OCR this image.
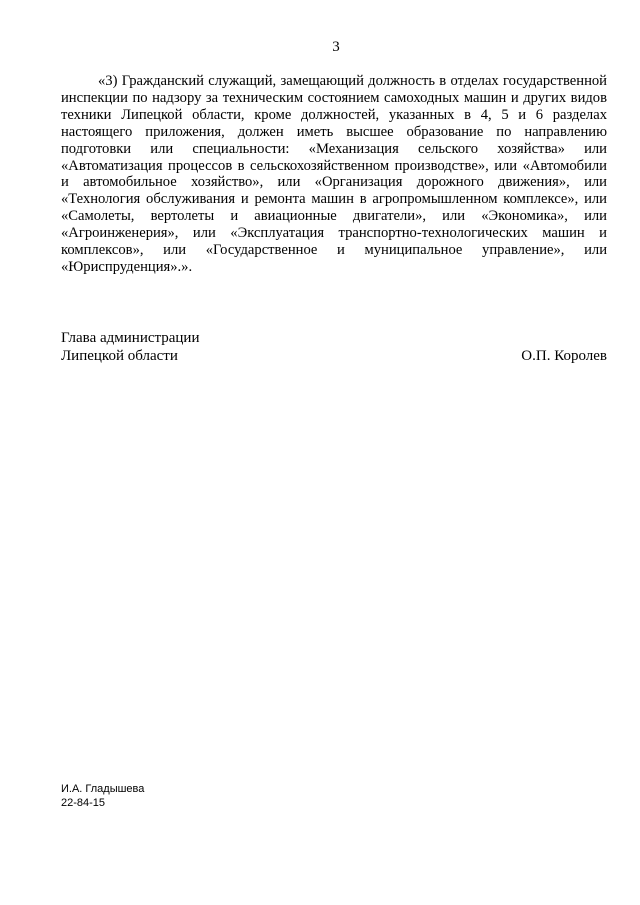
3

«3) Гражданский служащий, замещающий должность в отделах государственной инспекции по надзору за техническим состоянием самоходных машин и других видов техники Липецкой области, кроме должностей, указанных в 4, 5 и 6 разделах настоящего приложения, должен иметь высшее образование по направлению подготовки или специальности: «Механизация сельского хозяйства» или «Автоматизация процессов в сельскохозяйственном производстве», или «Автомобили и автомобильное хозяйство», или «Организация дорожного движения», или «Технология обслуживания и ремонта машин в агропромышленном комплексе», или «Самолеты, вертолеты и авиационные двигатели», или «Экономика», или «Агроинженерия», или «Эксплуатация транспортно-технологических машин и комплексов», или «Государственное и муниципальное управление», или «Юриспруденция».».

Глава администрации
Липецкой области	О.П. Королев
И.А. Гладышева
22-84-15
